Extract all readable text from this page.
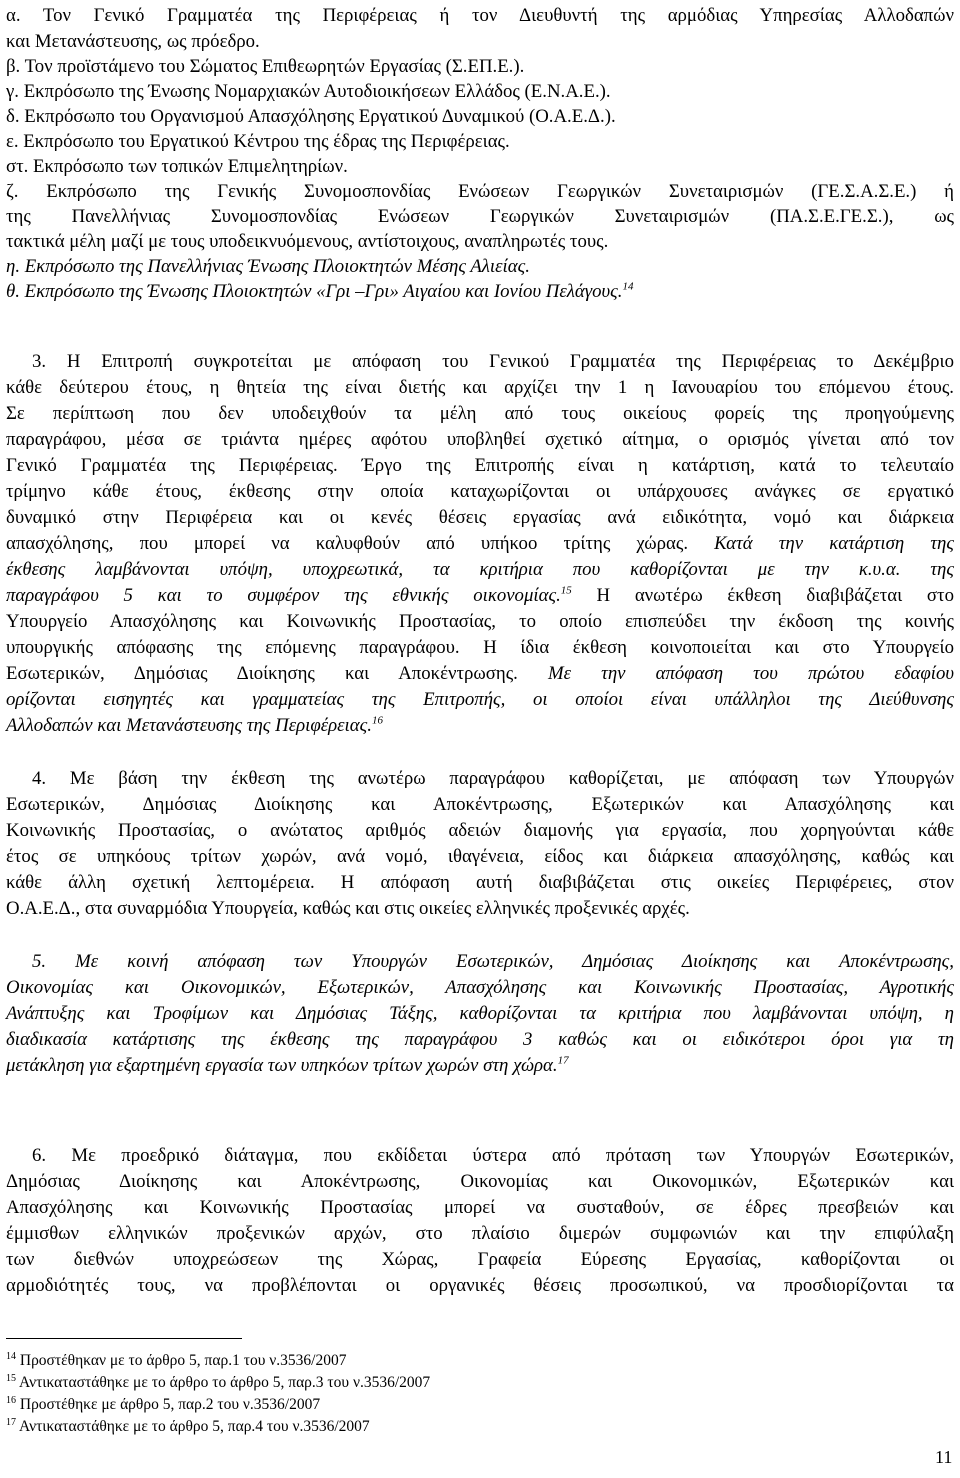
α. Τον Γενικό Γραμματέα της Περιφέρειας ή τον Διευθυντή της αρμόδιας Υπηρεσίας Αλλοδαπών
και Μετανάστευσης, ως πρόεδρο.
β. Τον προϊστάμενο του Σώματος Επιθεωρητών Εργασίας (Σ.ΕΠ.Ε.).
γ. Εκπρόσωπο της Ένωσης Νομαρχιακών Αυτοδιοικήσεων Ελλάδος (Ε.Ν.Α.Ε.).
δ. Εκπρόσωπο του Οργανισμού Απασχόλησης Εργατικού Δυναμικού (Ο.Α.Ε.Δ.).
ε. Εκπρόσωπο του Εργατικού Κέντρου της έδρας της Περιφέρειας.
στ. Εκπρόσωπο των τοπικών Επιμελητηρίων.
ζ. Εκπρόσωπο της Γενικής Συνομοσπονδίας Ενώσεων Γεωργικών Συνεταιρισμών (ΓΕ.Σ.Α.Σ.Ε.) ή
της Πανελλήνιας Συνομοσπονδίας Ενώσεων Γεωργικών Συνεταιρισμών (ΠΑ.Σ.Ε.ΓΕ.Σ.), ως
τακτικά μέλη μαζί με τους υποδεικνυόμενους, αντίστοιχους, αναπληρωτές τους.
η. Εκπρόσωπο της Πανελλήνιας Ένωσης Πλοιοκτητών Μέσης Αλιείας.
θ. Εκπρόσωπο της Ένωσης Πλοιοκτητών «Γρι –Γρι» Αιγαίου και Ιονίου Πελάγους.$^{14}$
3. Η Επιτροπή συγκροτείται με απόφαση του Γενικού Γραμματέα της Περιφέρειας το Δεκέμβριο
κάθε δεύτερου έτους, η θητεία της είναι διετής και αρχίζει την 1 η Ιανουαρίου του επόμενου έτους.
Σε περίπτωση που δεν υποδειχθούν τα μέλη από τους οικείους φορείς της προηγούμενης
παραγράφου, μέσα σε τριάντα ημέρες αφότου υποβληθεί σχετικό αίτημα, ο ορισμός γίνεται από τον
Γενικό Γραμματέα της Περιφέρειας. Έργο της Επιτροπής είναι η κατάρτιση, κατά το τελευταίο
τρίμηνο κάθε έτους, έκθεσης στην οποία καταχωρίζονται οι υπάρχουσες ανάγκες σε εργατικό
δυναμικό στην Περιφέρεια και οι κενές θέσεις εργασίας ανά ειδικότητα, νομό και διάρκεια
απασχόλησης, που μπορεί να καλυφθούν από υπήκοο τρίτης χώρας. Κατά την κατάρτιση της
έκθεσης λαμβάνονται υπόψη, υποχρεωτικά, τα κριτήρια που καθορίζονται με την κ.υ.α. της
παραγράφου 5 και το συμφέρον της εθνικής οικονομίας.$^{15}$ Η ανωτέρω έκθεση διαβιβάζεται στο
Υπουργείο Απασχόλησης και Κοινωνικής Προστασίας, το οποίο επισπεύδει την έκδοση της κοινής
υπουργικής απόφασης της επόμενης παραγράφου. Η ίδια έκθεση κοινοποιείται και στο Υπουργείο
Εσωτερικών, Δημόσιας Διοίκησης και Αποκέντρωσης. Με την απόφαση του πρώτου εδαφίου
ορίζονται εισηγητές και γραμματείας της Επιτροπής, οι οποίοι είναι υπάλληλοι της Διεύθυνσης
Αλλοδαπών και Μετανάστευσης της Περιφέρειας.$^{16}$
4. Με βάση την έκθεση της ανωτέρω παραγράφου καθορίζεται, με απόφαση των Υπουργών
Εσωτερικών, Δημόσιας Διοίκησης και Αποκέντρωσης, Εξωτερικών και Απασχόλησης και
Κοινωνικής Προστασίας, ο ανώτατος αριθμός αδειών διαμονής για εργασία, που χορηγούνται κάθε
έτος σε υπηκόους τρίτων χωρών, ανά νομό, ιθαγένεια, είδος και διάρκεια απασχόλησης, καθώς και
κάθε άλλη σχετική λεπτομέρεια. Η απόφαση αυτή διαβιβάζεται στις οικείες Περιφέρειες, στον
Ο.Α.Ε.Δ., στα συναρμόδια Υπουργεία, καθώς και στις οικείες ελληνικές προξενικές αρχές.
5. Με κοινή απόφαση των Υπουργών Εσωτερικών, Δημόσιας Διοίκησης και Αποκέντρωσης,
Οικονομίας και Οικονομικών, Εξωτερικών, Απασχόλησης και Κοινωνικής Προστασίας, Αγροτικής
Ανάπτυξης και Τροφίμων και Δημόσιας Τάξης, καθορίζονται τα κριτήρια που λαμβάνονται υπόψη, η
διαδικασία κατάρτισης της έκθεσης της παραγράφου 3 καθώς και οι ειδικότεροι όροι για τη
μετάκληση για εξαρτημένη εργασία των υπηκόων τρίτων χωρών στη χώρα.$^{17}$
6. Με προεδρικό διάταγμα, που εκδίδεται ύστερα από πρόταση των Υπουργών Εσωτερικών,
Δημόσιας Διοίκησης και Αποκέντρωσης, Οικονομίας και Οικονομικών, Εξωτερικών και
Απασχόλησης και Κοινωνικής Προστασίας μπορεί να συσταθούν, σε έδρες πρεσβειών και
έμμισθων ελληνικών προξενικών αρχών, στο πλαίσιο διμερών συμφωνιών και την επιφύλαξη
των διεθνών υποχρεώσεων της Χώρας, Γραφεία Εύρεσης Εργασίας, καθορίζονται οι
αρμοδιότητές τους, να προβλέπονται οι οργανικές θέσεις προσωπικού, να προσδιορίζονται τα
$^{14}$ Προστέθηκαν με το άρθρο 5, παρ.1 του ν.3536/2007
$^{15}$ Αντικαταστάθηκε με το άρθρο το άρθρο 5, παρ.3 του ν.3536/2007
$^{16}$ Προστέθηκε με άρθρο 5, παρ.2 του ν.3536/2007
$^{17}$ Αντικαταστάθηκε με το άρθρο 5, παρ.4 του ν.3536/2007
11
